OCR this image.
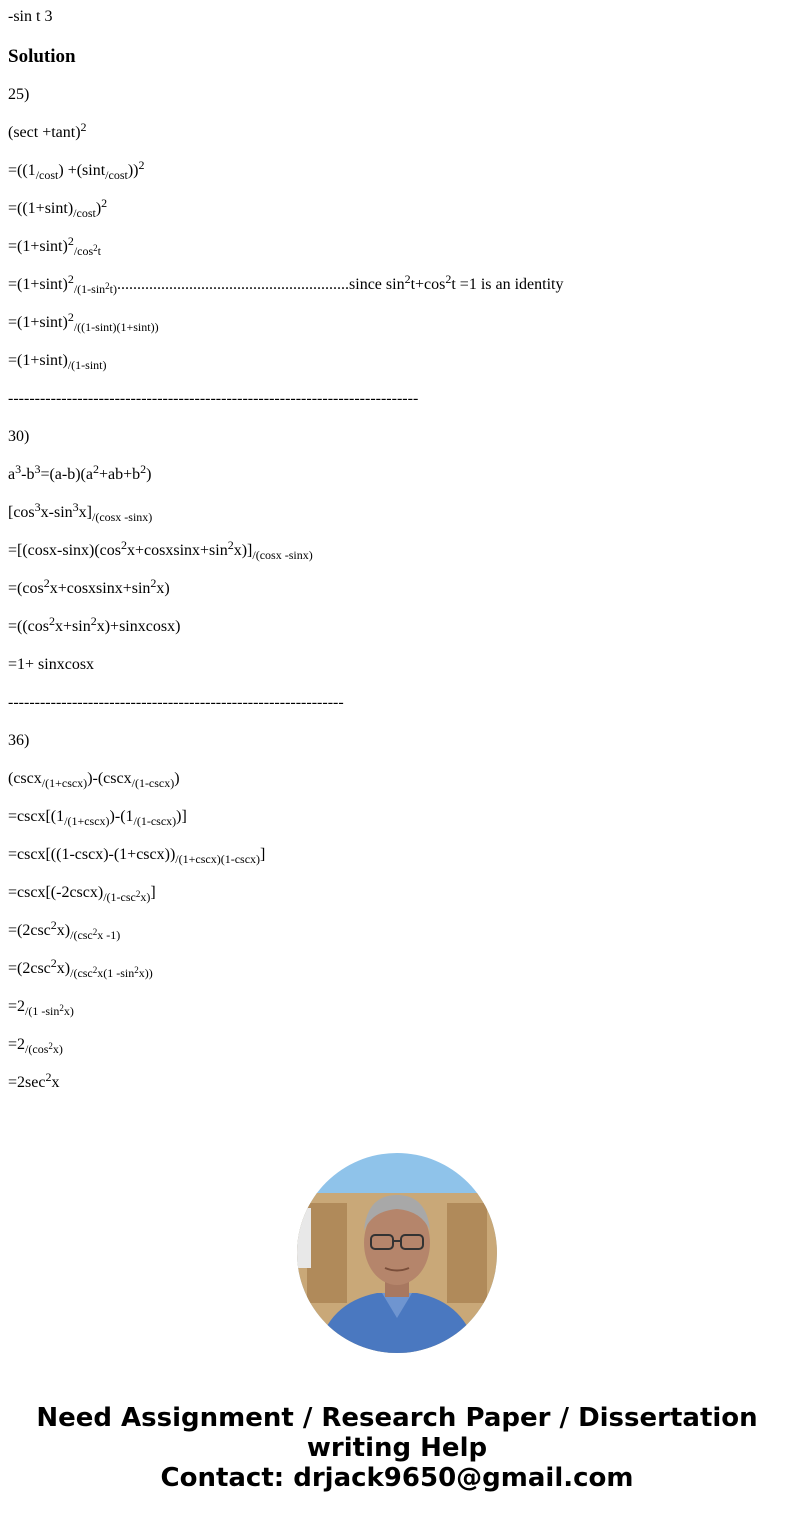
-sin t 3

Solution

25)

$(\sec t +\tan t)^2$

$=((1_{/cost}) +(\sin t_{/cost}))^2$

$=((1+\sin t)_{/cost})^2$

$=(1+\sin t)^2_{/cos^2t}$

$=(1+\sin t)^2_{/(1-sin^2t)}..........................................................since$ $\sin^2t+\cos^2t =1$ is an identity

$=(1+\sin t)^2_{/((1-sint)(1+sint))}$

$=(1+\sin t)_{/(1-sint)}$

-----------------------------------------------------------------------------

30)

$a^3-b^3=(a-b)(a^2+ab+b^2)$

$[\cos^3x-\sin^3x]_{/(cosx -sinx)}$

$=[(\cos x-\sin x)(\cos^2x+cosxsinx+\sin^2x)]_{/(cosx -sinx)}$

$=(\cos^2x+cosxsinx+\sin^2x)$

$=((\cos^2x+\sin^2x)+sinxcosx)$

=1+ sinxcosx

---------------------------------------------------------------

36)

(cscx$_{/(1+cscx)}$)-(cscx$_{/(1-cscx)}$)

$=\csc x[(1_{/(1+cscx)})-(1_{/(1-cscx)})]$

$=\csc x[((1-\csc x)-(1+\csc x))_{/(1+cscx)(1-cscx)}]$

$=\csc x[(-2\csc x)_{/(1-csc^2x)}]$

$=(2\csc^2x)_{/(csc^2x -1)}$

$=(2\csc^2x)_{/(csc^2x(1 -sin^2x))}$

$=2_{/(1 -sin^2x)}$

$=2_{/(cos^2x)}$

$=2\sec^2x$

Need Assignment / Research Paper / Dissertation
writing Help
Contact: drjack9650@gmail.com
